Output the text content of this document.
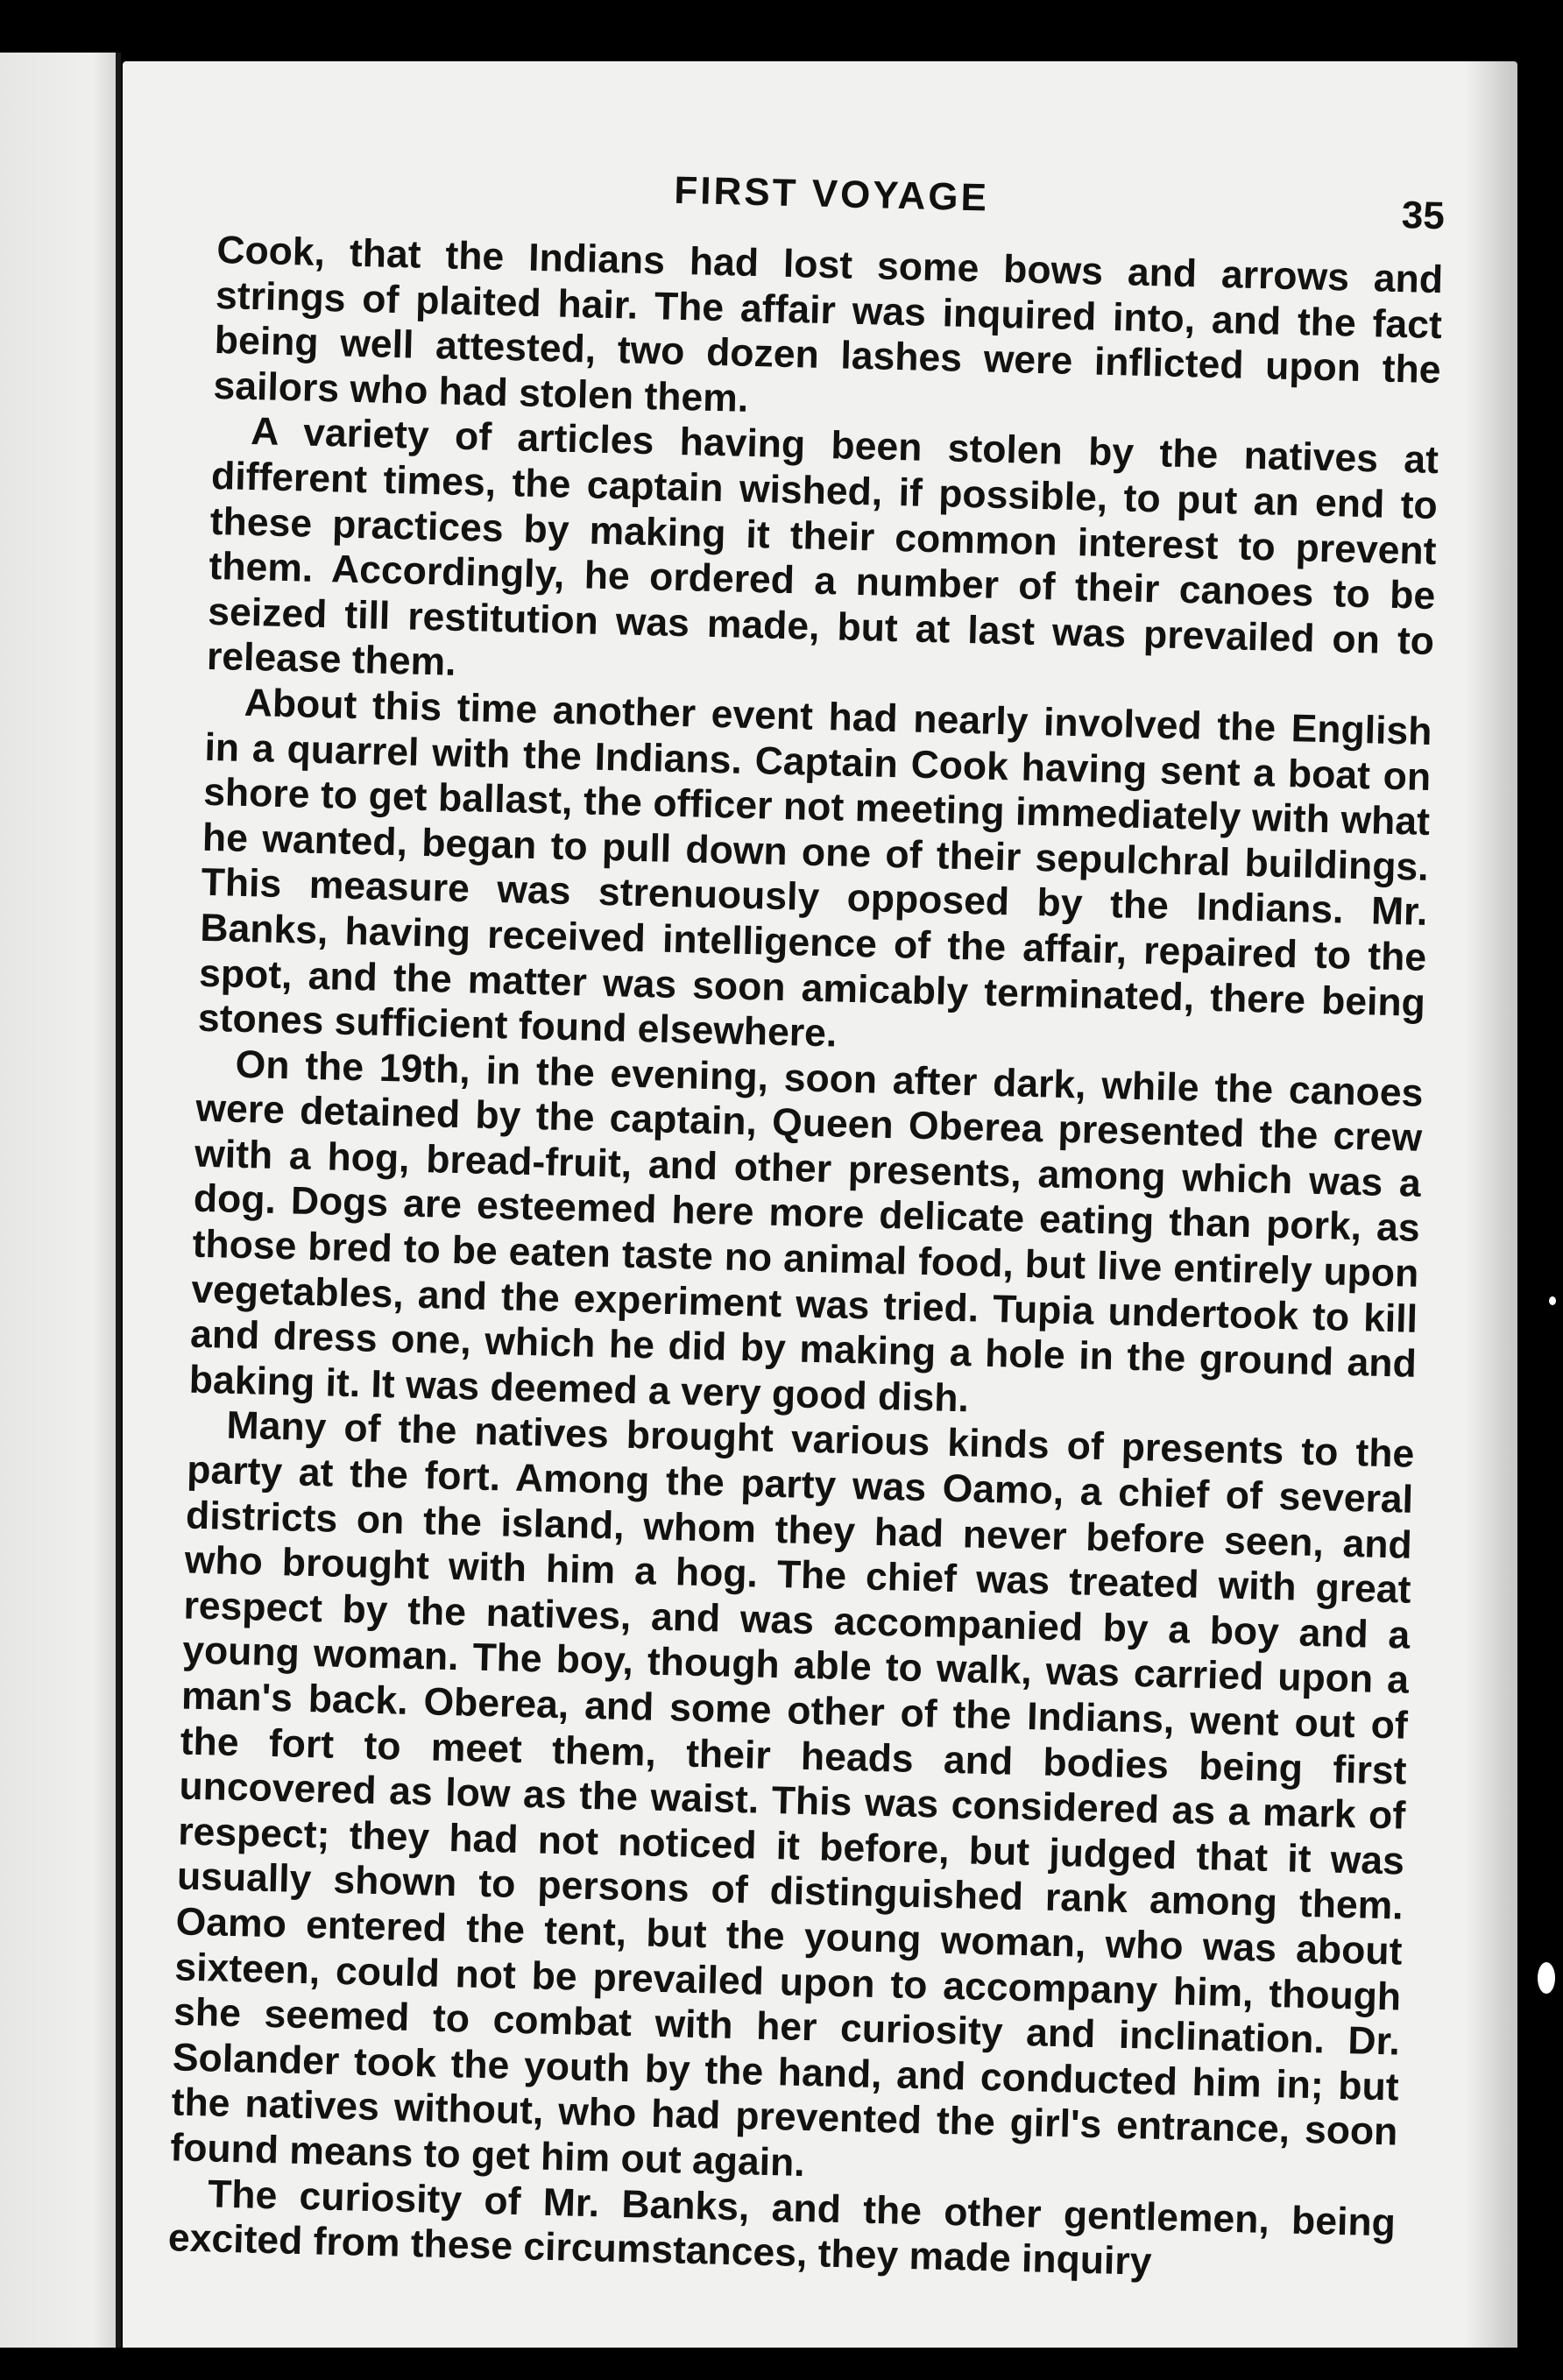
FIRST VOYAGE	35

Cook, that the Indians had lost some bows and arrows and strings of plaited hair. The affair was inquired into, and the fact being well attested, two dozen lashes were inflicted upon the sailors who had stolen them.

A variety of articles having been stolen by the natives at different times, the captain wished, if possible, to put an end to these practices by making it their common interest to prevent them. Accordingly, he ordered a number of their canoes to be seized till restitution was made, but at last was prevailed on to release them.

About this time another event had nearly involved the English in a quarrel with the Indians. Captain Cook having sent a boat on shore to get ballast, the officer not meeting immediately with what he wanted, began to pull down one of their sepulchral buildings. This measure was strenuously opposed by the Indians. Mr. Banks, having received intelligence of the affair, repaired to the spot, and the matter was soon amicably terminated, there being stones sufficient found elsewhere.

On the 19th, in the evening, soon after dark, while the canoes were detained by the captain, Queen Oberea presented the crew with a hog, bread-fruit, and other presents, among which was a dog. Dogs are esteemed here more delicate eating than pork, as those bred to be eaten taste no animal food, but live entirely upon vegetables, and the experiment was tried. Tupia undertook to kill and dress one, which he did by making a hole in the ground and baking it. It was deemed a very good dish.

Many of the natives brought various kinds of presents to the party at the fort. Among the party was Oamo, a chief of several districts on the island, whom they had never before seen, and who brought with him a hog. The chief was treated with great respect by the natives, and was accompanied by a boy and a young woman. The boy, though able to walk, was carried upon a man's back. Oberea, and some other of the Indians, went out of the fort to meet them, their heads and bodies being first uncovered as low as the waist. This was considered as a mark of respect; they had not noticed it before, but judged that it was usually shown to persons of distinguished rank among them. Oamo entered the tent, but the young woman, who was about sixteen, could not be prevailed upon to accompany him, though she seemed to combat with her curiosity and inclination. Dr. Solander took the youth by the hand, and conducted him in; but the natives without, who had prevented the girl's entrance, soon found means to get him out again.

The curiosity of Mr. Banks, and the other gentlemen, being excited from these circumstances, they made inquiry
